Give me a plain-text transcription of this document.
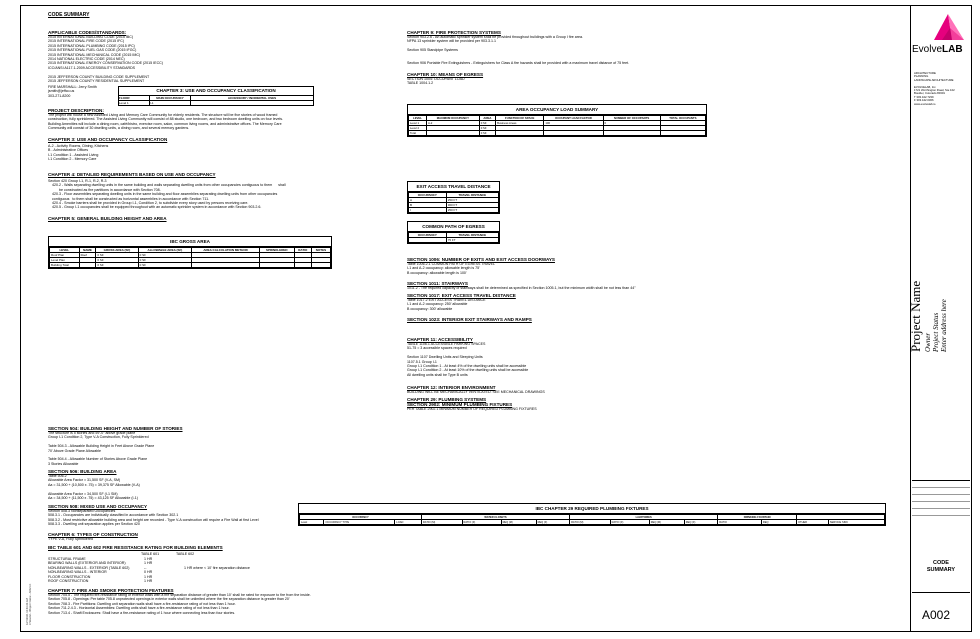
CODE SUMMARY
APPLICABLE CODES/STANDARDS:
2015 INTERNATIONAL BUILDING CODE (2015 IBC)
2015 INTERNATIONAL FIRE CODE (2015 IFC)
2015 INTERNATIONAL PLUMBING CODE (2015 IPC)
2015 INTERNATIONAL FUEL GAS CODE (2015 IFGC)
2015 INTERNATIONAL MECHANICAL CODE (2015 IMC)
2014 NATIONAL ELECTRIC CODE (2014 NEC)
2015 INTERNATIONAL ENERGY CONSERVATION CODE (2015 IECC)
ICC/ANSI A117.1-2009 ACCESSIBILITY STANDARDS

2015 JEFFERSON COUNTY BUILDING CODE SUPPLEMENT
2015 JEFFERSON COUNTY RESIDENTIAL SUPPLEMENT
FIRE MARSHALL: Jerry Smith
jsmith@jeffco.us
303-271-8200
CHAPTER 3: USE AND OCCUPANCY CLASSIFICATION
FLOOR	MAIN OCCUPANCY	ACCESSORY / INCIDENTAL USES
Level 1	I-1
PROJECT DESCRIPTION:
The project will house a new Assisted Living and Memory Care Community for elderly residents. The structure will be five stories of wood framed
construction, fully sprinklered. The Assisted Living Community will consist of 88 studio, one bedroom, and two bedroom dwelling units on four levels.
Building Amenities will include a dining room, café/bistro, exercise room, salon, common living rooms, and administrative offices. The Memory Care
Community will consist of 30 dwelling units, a dining room, and several memory gardens.
CHAPTER 3: USE AND OCCUPANCY CLASSIFICATION
A-2 - Activity Rooms, Dining, Kitchens
B - Administrative Offices
I-1 Condition 1 - Assisted Living
I-1 Condition 2 - Memory Care
CHAPTER 4: DETAILED REQUIREMENTS BASED ON USE AND OCCUPANCY
Section 420 Group I-1, R-1, R-2, R-3
420.2 - Walls separating dwelling units in the same building and walls separating dwelling units from other occupancies contiguous to them      shall
be constructed as fire partitions in accordance with Section 708.
420.3 - Floor assemblies separating dwelling units in the same building and floor assemblies separating dwelling units from other occupancies
contiguous   to them shall be constructed as horizontal assemblies in accordance with Section 711.
420.4 - Smoke barriers shall be provided in Group I-1, Condition 2, to subdivide every story used by persons receiving care.
420.5 - Group I-1 occupancies shall be equipped throughout with an automatic sprinkler system in accordance with Section 903.2.6.
CHAPTER 5: GENERAL BUILDING HEIGHT AND AREA
IBC GROSS AREA
LEVEL	NAME	GROSS AREA (SF)	ALLOWABLE AREA (SF)	AREA CALCULATION METHOD	SPRINKLERED	RATIO	NOTES
Roof Plan	Roof	0 SF	0 SF				
Level Plan		0 SF	0 SF				
Building Total		0 SF	0 SF				
SECTION 504: BUILDING HEIGHT AND NUMBER OF STORIES
The structure is 5 stories and 59'-0" above grade plane
Group I-1 Condition 2, Type V-A Construction, Fully Sprinklered

Table 504.3 - Allowable Building Height in Feet Above Grade Plane
70' Above Grade Plane Allowable

Table 504.4 - Allowable Number of Stories Above Grade Plane
3 Stories Allowable
SECTION 506: BUILDING AREA
Table 506.2
Allowable Area Factor = 31,500 SF (V-A, SM)
Aa = 31,500 + (10,500 x .75) = 39,375 SF Allowable (V-A)

Allowable Area Factor = 34,500 SF (I-1 SM)
Aa = 34,500 + (11,500 x .75) = 43,125 SF Allowable (I-1)
SECTION 508: MIXED USE AND OCCUPANCY
Section 508.3 Nonseparated Occupancies
508.3.1 - Occupancies are individually classified in accordance with Section 302.1
508.3.2 - Most restrictive allowable building area and height are recorded - Type V-A construction will require a Fire Wall at first Level
508.3.3 - Dwelling unit separation applies per Section 420
CHAPTER 6: TYPES OF CONSTRUCTION
TYPE V-A, Fully Sprinklered
IBC TABLE 601 AND 602 FIRE RESISTANCE RATING FOR BUILDING ELEMENTS
TABLE 601	TABLE 602
STRUCTURAL FRAME	1 HR
BEARING WALLS (EXTERIOR AND INTERIOR)	1 HR
NON-BEARING WALLS - EXTERIOR (TABLE 602)	--	1 HR where < 10' fire separation distance
NON-BEARING WALLS - INTERIOR	0 HR
FLOOR CONSTRUCTION	1 HR
ROOF CONSTRUCTION	1 HR
CHAPTER 7: FIRE AND SMOKE PROTECTION FEATURES
Section 705.5 - The required fire-resistance rating of exterior walls with a fire separation distance of greater than 10' shall be rated for exposure to fire from the inside.
Section 705.8 - Openings: Per table 705.8 unprotected openings in exterior walls shall be unlimited where the fire separation distance is greater than 20'
Section 708.3 - Fire Partitions: Dwelling unit separation walls shall have a fire-resistance rating of not less than 1 hour.
Section 711.2.4.3 - Horizontal Assemblies: Dwelling units shall have a fire-resistance rating of not less than 1 hour.
Section 713.4 - Shaft Enclosures: Shall have a fire-resistance rating of 1 hour where connecting less than four stories.
1/27/2021 10:43:23 AM C:\Users\...\Project Name - A002.rvt
CHAPTER 9: FIRE PROTECTION SYSTEMS
Section 903.2.6 - An automatic sprinkler system shall be provided throughout buildings with a Group I fire area.
NFPA 13 sprinkler system will be provided per 903.3.1.1

Section 905 Standpipe Systems

Section 906 Portable Fire Extinguishers - Extinguishers for Class A fire hazards shall be provided with a maximum travel distance of 75 feet.
CHAPTER 10: MEANS OF EGRESS
SECTION 1004: OCCUPANT LOAD
TABLE 1004.1.2
AREA OCCUPANCY LOAD SUMMARY
LEVEL	MAXIMUM OCCUPANCY	AREA	FUNCTION OF SPACE	OCCUPANT LOAD FACTOR	NUMBER OF OCCUPANTS	TOTAL OCCUPANTS
Level 1	A-2	0 SF	Business Areas	100	0	
Level 2		0 SF				
Total		0 SF				
EXIT ACCESS TRAVEL DISTANCE
OCCUPANCY	TRAVEL DISTANCE
A	250 FT
B	300 FT
I	250 FT
COMMON PATH OF EGRESS
OCCUPANCY	TRAVEL DISTANCE
	75 FT
SECTION 1006: NUMBER OF EXITS AND EXIT ACCESS DOORWAYS
Table 1006.2.1 COMMON PATH OF EGRESS TRAVEL
I-1 and A-2 occupancy: allowable length is 75'
B occupancy: allowable length is 100'
SECTION 1011: STAIRWAYS
1011.2 - The required capacity of stairways shall be determined as specified in Section 1005.1, but the minimum width shall be not less than 44"
SECTION 1017: EXIT ACCESS TRAVEL DISTANCE
Table 1017.2 EXIT ACCESS TRAVEL DISTANCE
I-1 and A-2 occupancy: 250' allowable
B occupancy: 300' allowable
SECTION 1023: INTERIOR EXIT STAIRWAYS AND RAMPS
CHAPTER 11: ACCESSIBILITY
TABLE 1106.1 ACCESSIBLE PARKING SPACES
51-75 = 3 accessible spaces required

Section 1107 Dwelling Units and Sleeping Units
1107.5.1 Group I-1
Group I-1 Condition 1 - At least 4% of the dwelling units shall be accessible
Group I-1 Condition 2 - At least 10% of the dwelling units shall be accessible
All dwelling units shall be Type B units
CHAPTER 12: INTERIOR ENVIRONMENT
BUILDING WILL BE MECHANICALLY VENTILATED. SEE MECHANICAL DRAWINGS
CHAPTER 29: PLUMBING SYSTEMS
SECTION 2902: MINIMUM PLUMBING FIXTURES
PER TABLE 2902.1 MINIMUM NUMBER OF REQUIRED PLUMBING FIXTURES
IBC CHAPTER 29 REQUIRED PLUMBING FIXTURES
OCCUPANCY			WATER CLOSETS				LAVATORIES				DRINKING FOUNTAIN			
Level	OCCUPANCY TYPE	LOAD	RATIO (M)	RATIO (F)	REQ (M)	REQ (F)	RATIO (M)	RATIO (F)	REQ (M)	REQ (F)	RATIO	REQ	OTHER	SERVICE SINK
EvolveLAB
ARCHITECTURE
PLANNING
LANDSCAPE ARCHITECTURE

EVOLVELAB, Inc.
1721 Worthington Road, Ste 102
Boulder, Colorado 80301
T 303.442.7239
F 303.442.0306
www.evolvelab.io
Project Name Owner Project Status Enter address here
CODE
SUMMARY
A002
